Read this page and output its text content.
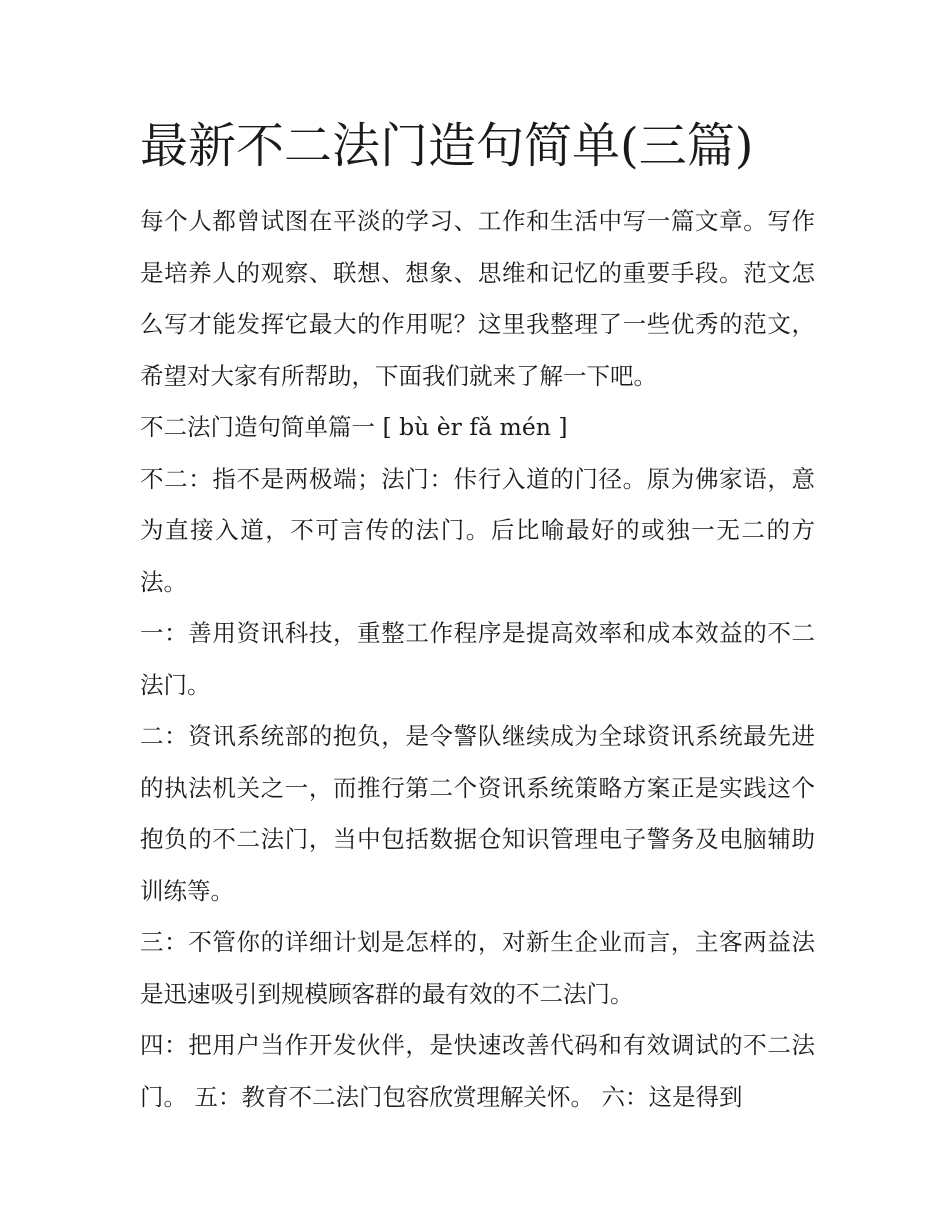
最新不二法门造句简单(三篇)

每个人都曾试图在平淡的学习、工作和生活中写一篇文章。写作是培养人的观察、联想、想象、思维和记忆的重要手段。范文怎么写才能发挥它最大的作用呢？这里我整理了一些优秀的范文，希望对大家有所帮助，下面我们就来了解一下吧。

不二法门造句简单篇一 [ bù èr fǎ mén ]

不二：指不是两极端；法门：佧行入道的门径。原为佛家语，意为直接入道，不可言传的法门。后比喻最好的或独一无二的方法。

一：善用资讯科技，重整工作程序是提高效率和成本效益的不二法门。

二：资讯系统部的抱负，是令警队继续成为全球资讯系统最先进的执法机关之一，而推行第二个资讯系统策略方案正是实践这个抱负的不二法门，当中包括数据仓知识管理电子警务及电脑辅助训练等。

三：不管你的详细计划是怎样的，对新生企业而言，主客两益法是迅速吸引到规模顾客群的最有效的不二法门。

四：把用户当作开发伙伴，是快速改善代码和有效调试的不二法门。 五：教育不二法门包容欣赏理解关怀。 六：这是得到
